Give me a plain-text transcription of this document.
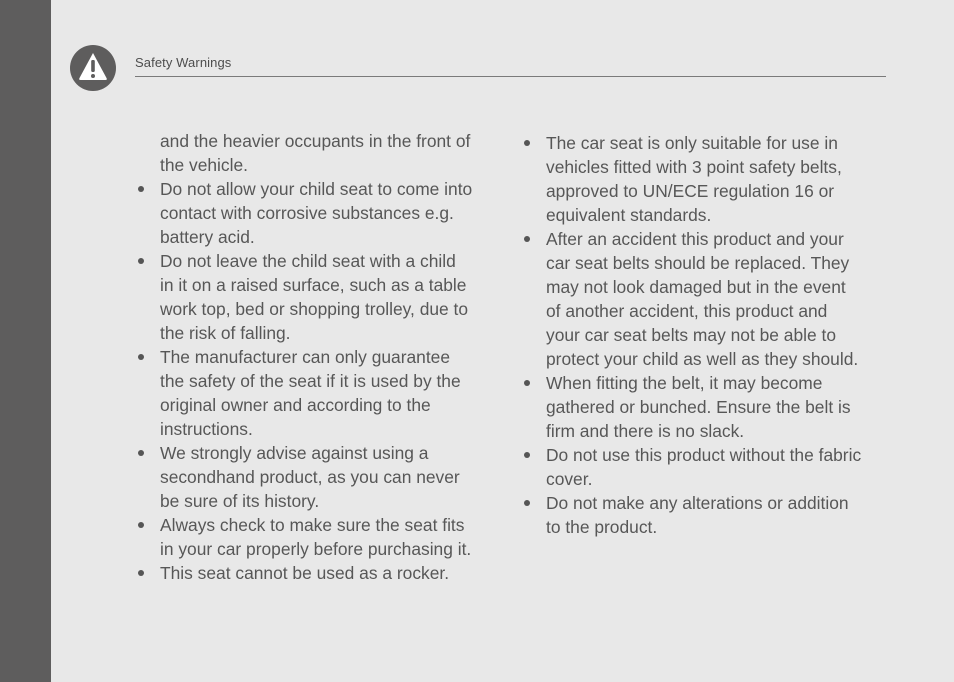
Safety Warnings

and the heavier occupants in the front of
the vehicle.

Do not allow your child seat to come into
contact with corrosive substances e.g.
battery acid.
Do not leave the child seat with a child
in it on a raised surface, such as a table
work top, bed or shopping trolley, due to
the risk of falling.
The manufacturer can only guarantee
the safety of the seat if it is used by the
original owner and according to the
instructions.
We strongly advise against using a
secondhand product, as you can never
be sure of its history.
Always check to make sure the seat fits
in your car properly before purchasing it.
This seat cannot be used as a rocker.
The car seat is only suitable for use in
vehicles fitted with 3 point safety belts,
approved to UN/ECE regulation 16 or
equivalent standards.
After an accident this product and your
car seat belts should be replaced. They
may not look damaged but in the event
of another accident, this product and
your car seat belts may not be able to
protect your child as well as they should.
When fitting the belt, it may become
gathered or bunched. Ensure the belt is
firm and there is no slack.
Do not use this product without the fabric
cover.
Do not make any alterations or addition
to the product.
